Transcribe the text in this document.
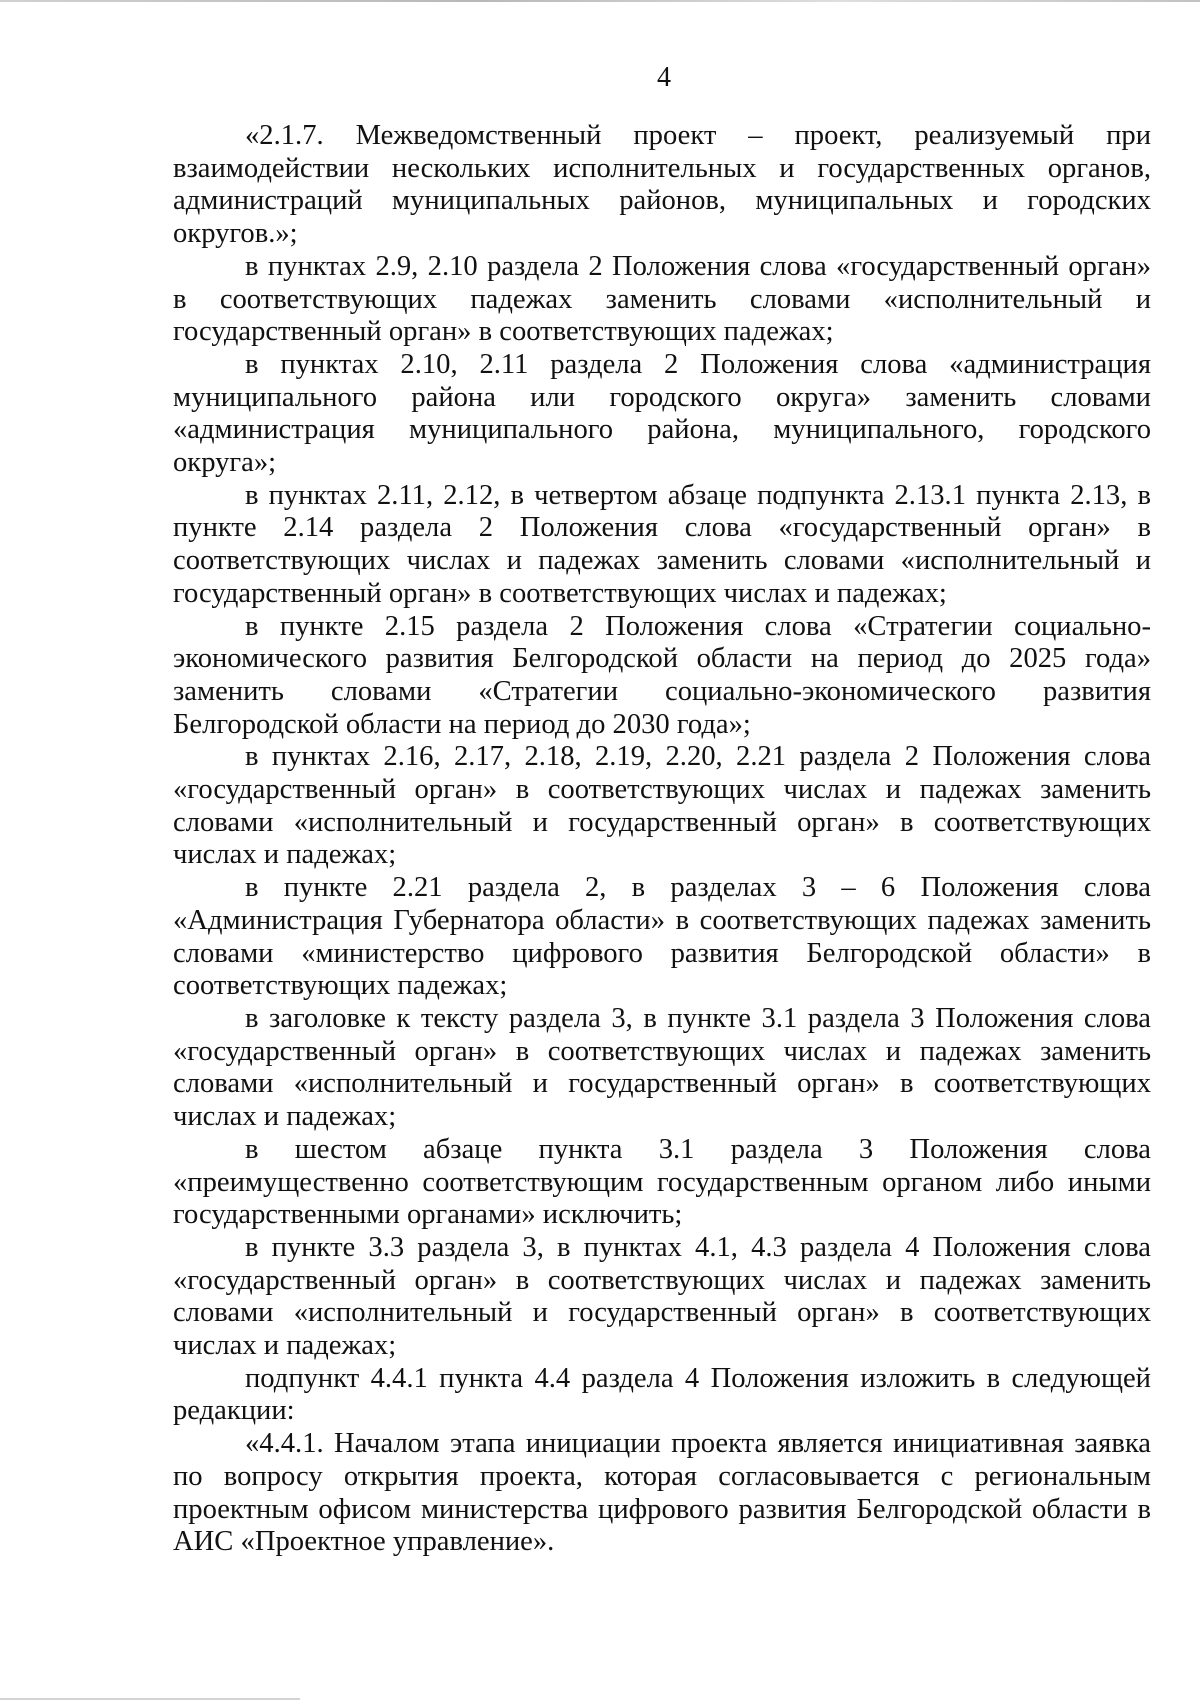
4

«2.1.7. Межведомственный проект – проект, реализуемый при взаимодействии нескольких исполнительных и государственных органов, администраций муниципальных районов, муниципальных и городских округов.»;

в пунктах 2.9, 2.10 раздела 2 Положения слова «государственный орган» в соответствующих падежах заменить словами «исполнительный и государственный орган» в соответствующих падежах;

в пунктах 2.10, 2.11 раздела 2 Положения слова «администрация муниципального района или городского округа» заменить словами «администрация муниципального района, муниципального, городского округа»;

в пунктах 2.11, 2.12, в четвертом абзаце подпункта 2.13.1 пункта 2.13, в пункте 2.14 раздела 2 Положения слова «государственный орган» в соответствующих числах и падежах заменить словами «исполнительный и государственный орган» в соответствующих числах и падежах;

в пункте 2.15 раздела 2 Положения слова «Стратегии социально-экономического развития Белгородской области на период до 2025 года» заменить словами «Стратегии социально-экономического развития Белгородской области на период до 2030 года»;

в пунктах 2.16, 2.17, 2.18, 2.19, 2.20, 2.21 раздела 2 Положения слова «государственный орган» в соответствующих числах и падежах заменить словами «исполнительный и государственный орган» в соответствующих числах и падежах;

в пункте 2.21 раздела 2, в разделах 3 – 6 Положения слова «Администрация Губернатора области» в соответствующих падежах заменить словами «министерство цифрового развития Белгородской области» в соответствующих падежах;

в заголовке к тексту раздела 3, в пункте 3.1 раздела 3 Положения слова «государственный орган» в соответствующих числах и падежах заменить словами «исполнительный и государственный орган» в соответствующих числах и падежах;

в шестом абзаце пункта 3.1 раздела 3 Положения слова «преимущественно соответствующим государственным органом либо иными государственными органами» исключить;

в пункте 3.3 раздела 3, в пунктах 4.1, 4.3 раздела 4 Положения слова «государственный орган» в соответствующих числах и падежах заменить словами «исполнительный и государственный орган» в соответствующих числах и падежах;

подпункт 4.4.1 пункта 4.4 раздела 4 Положения изложить в следующей редакции:

«4.4.1. Началом этапа инициации проекта является инициативная заявка по вопросу открытия проекта, которая согласовывается с региональным проектным офисом министерства цифрового развития Белгородской области в АИС «Проектное управление».
